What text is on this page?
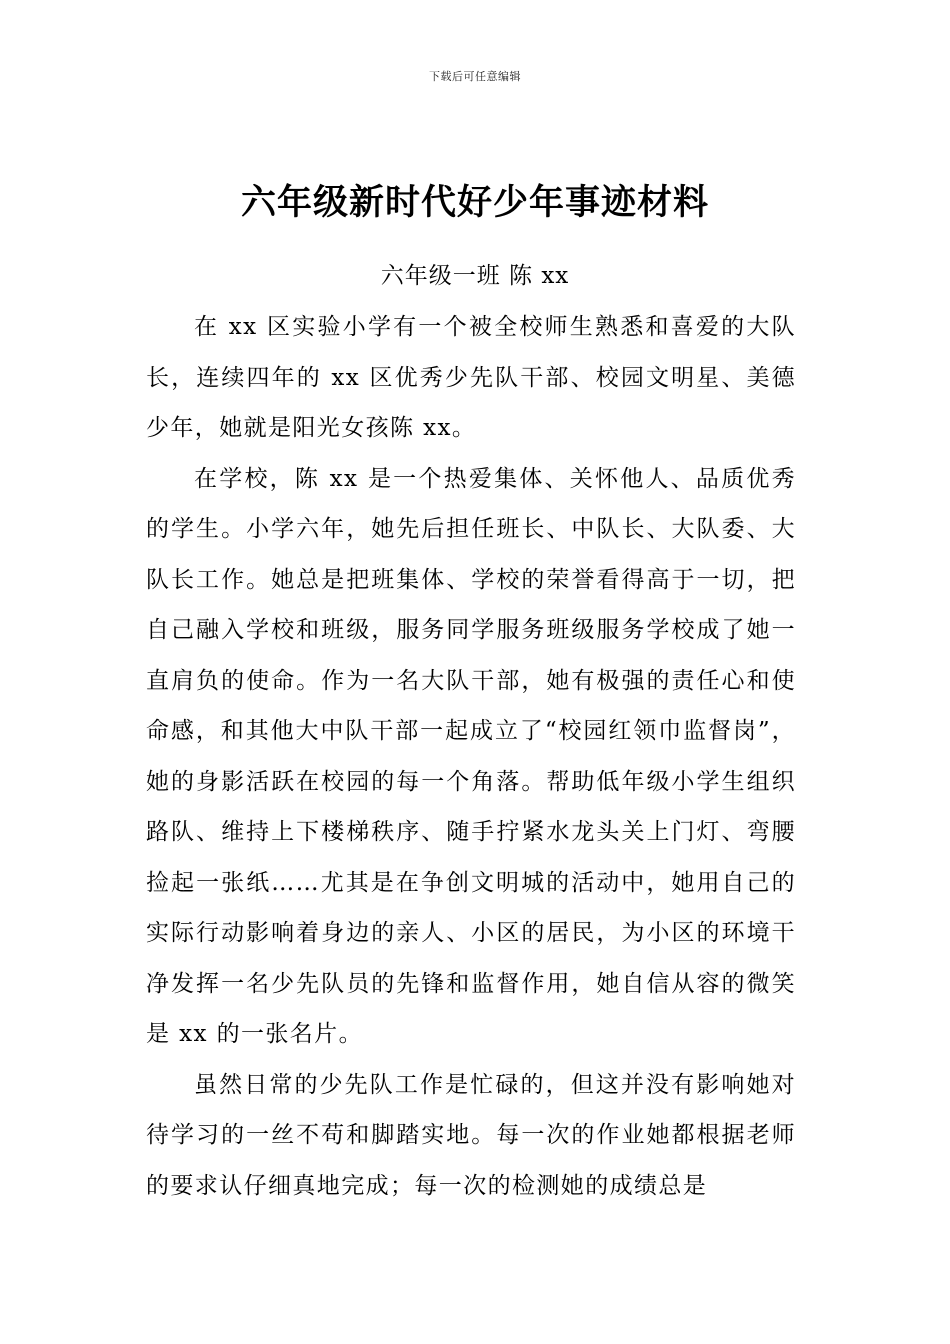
下载后可任意编辑
六年级新时代好少年事迹材料
六年级一班 陈 xx

在 xx 区实验小学有一个被全校师生熟悉和喜爱的大队长，连续四年的 xx 区优秀少先队干部、校园文明星、美德少年，她就是阳光女孩陈 xx。

在学校，陈 xx 是一个热爱集体、关怀他人、品质优秀的学生。小学六年，她先后担任班长、中队长、大队委、大队长工作。她总是把班集体、学校的荣誉看得高于一切，把自己融入学校和班级，服务同学服务班级服务学校成了她一直肩负的使命。作为一名大队干部，她有极强的责任心和使命感，和其他大中队干部一起成立了“校园红领巾监督岗”，她的身影活跃在校园的每一个角落。帮助低年级小学生组织路队、维持上下楼梯秩序、随手拧紧水龙头关上门灯、弯腰捡起一张纸……尤其是在争创文明城的活动中，她用自己的实际行动影响着身边的亲人、小区的居民，为小区的环境干净发挥一名少先队员的先锋和监督作用，她自信从容的微笑是 xx 的一张名片。

虽然日常的少先队工作是忙碌的，但这并没有影响她对待学习的一丝不苟和脚踏实地。每一次的作业她都根据老师的要求认仔细真地完成；每一次的检测她的成绩总是
